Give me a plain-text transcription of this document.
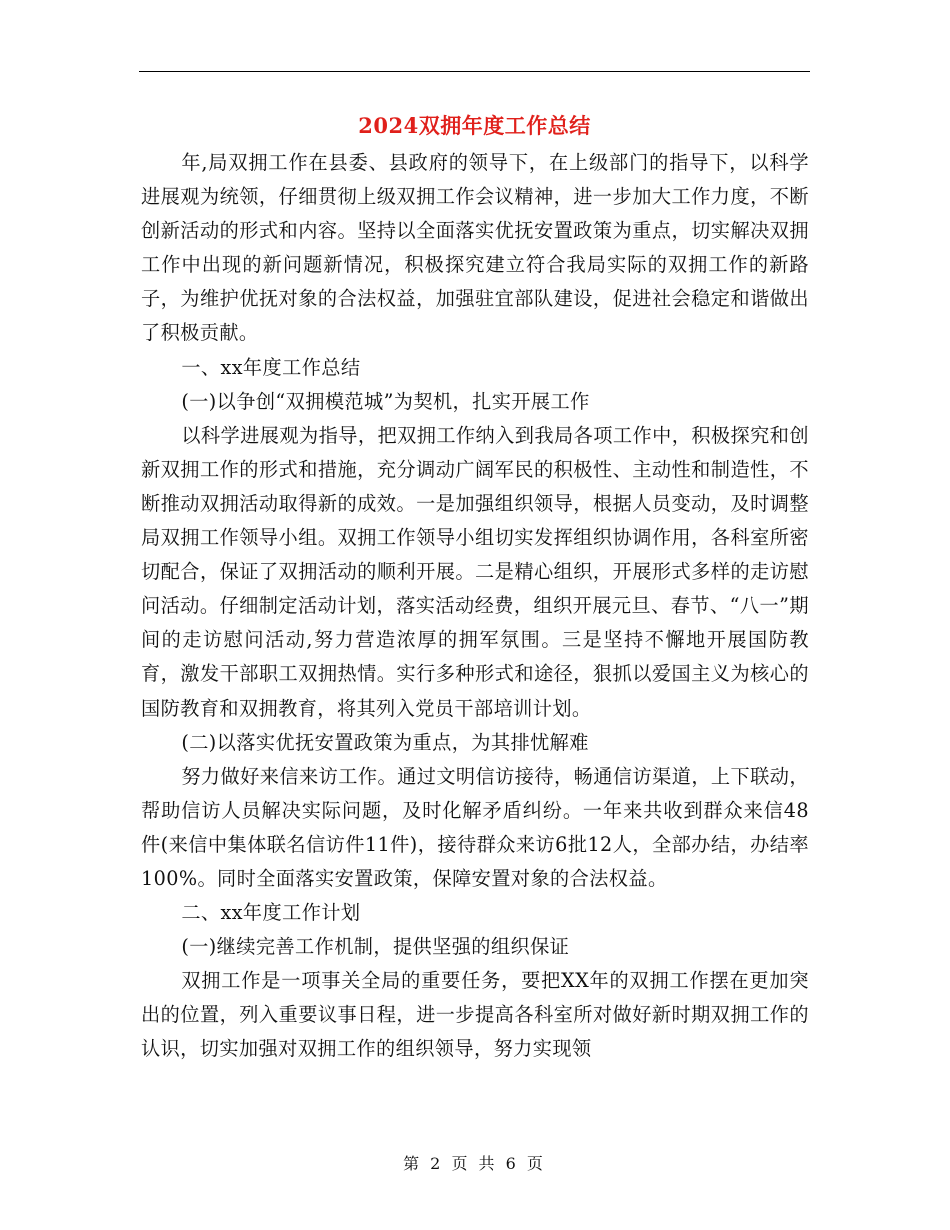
2024双拥年度工作总结

年,局双拥工作在县委、县政府的领导下，在上级部门的指导下，以科学进展观为统领，仔细贯彻上级双拥工作会议精神，进一步加大工作力度，不断创新活动的形式和内容。坚持以全面落实优抚安置政策为重点，切实解决双拥工作中出现的新问题新情况，积极探究建立符合我局实际的双拥工作的新路子，为维护优抚对象的合法权益，加强驻宜部队建设，促进社会稳定和谐做出了积极贡献。

一、xx年度工作总结

(一)以争创“双拥模范城”为契机，扎实开展工作

以科学进展观为指导，把双拥工作纳入到我局各项工作中，积极探究和创新双拥工作的形式和措施，充分调动广阔军民的积极性、主动性和制造性，不断推动双拥活动取得新的成效。一是加强组织领导，根据人员变动，及时调整局双拥工作领导小组。双拥工作领导小组切实发挥组织协调作用，各科室所密切配合，保证了双拥活动的顺利开展。二是精心组织，开展形式多样的走访慰问活动。仔细制定活动计划，落实活动经费，组织开展元旦、春节、“八一”期间的走访慰问活动,努力营造浓厚的拥军氛围。三是坚持不懈地开展国防教育，激发干部职工双拥热情。实行多种形式和途径，狠抓以爱国主义为核心的国防教育和双拥教育，将其列入党员干部培训计划。

(二)以落实优抚安置政策为重点，为其排忧解难

努力做好来信来访工作。通过文明信访接待，畅通信访渠道，上下联动，帮助信访人员解决实际问题，及时化解矛盾纠纷。一年来共收到群众来信48件(来信中集体联名信访件11件)，接待群众来访6批12人，全部办结，办结率100%。同时全面落实安置政策，保障安置对象的合法权益。

二、xx年度工作计划

(一)继续完善工作机制，提供坚强的组织保证

双拥工作是一项事关全局的重要任务，要把XX年的双拥工作摆在更加突出的位置，列入重要议事日程，进一步提高各科室所对做好新时期双拥工作的认识，切实加强对双拥工作的组织领导，努力实现领

第 2 页 共 6 页
